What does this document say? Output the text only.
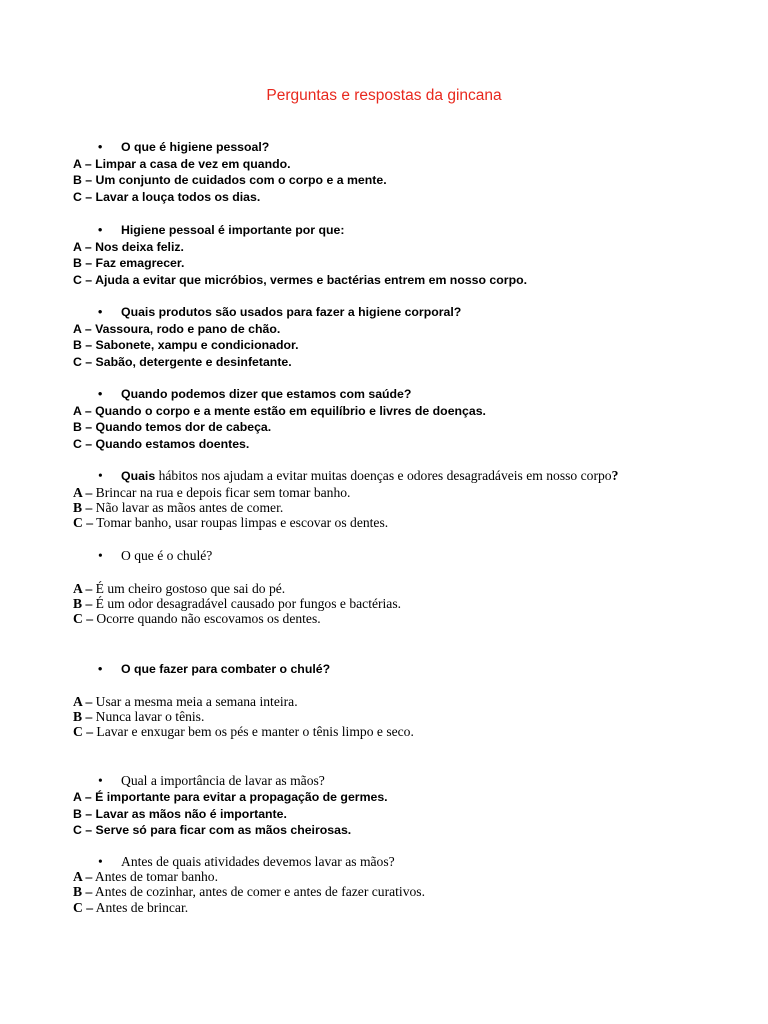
Perguntas e respostas da gincana
• O que é higiene pessoal?
A – Limpar a casa de vez em quando.
B – Um conjunto de cuidados com o corpo e a mente.
C – Lavar a louça todos os dias.
• Higiene pessoal é importante por que:
A – Nos deixa feliz.
B – Faz emagrecer.
C – Ajuda a evitar que micróbios, vermes e bactérias entrem em nosso corpo.
• Quais produtos são usados para fazer a higiene corporal?
A – Vassoura, rodo e pano de chão.
B – Sabonete, xampu e condicionador.
C – Sabão, detergente e desinfetante.
• Quando podemos dizer que estamos com saúde?
A – Quando o corpo e a mente estão em equilíbrio e livres de doenças.
B – Quando temos dor de cabeça.
C – Quando estamos doentes.
• Quais hábitos nos ajudam a evitar muitas doenças e odores desagradáveis em nosso corpo?
A – Brincar na rua e depois ficar sem tomar banho.
B – Não lavar as mãos antes de comer.
C – Tomar banho, usar roupas limpas e escovar os dentes.
• O que é o chulé?
A – É um cheiro gostoso que sai do pé.
B – É um odor desagradável causado por fungos e bactérias.
C – Ocorre quando não escovamos os dentes.
• O que fazer para combater o chulé?
A – Usar a mesma meia a semana inteira.
B – Nunca lavar o tênis.
C – Lavar e enxugar bem os pés e manter o tênis limpo e seco.
• Qual a importância de lavar as mãos?
A – É importante para evitar a propagação de germes.
B – Lavar as mãos não é importante.
C – Serve só para ficar com as mãos cheirosas.
• Antes de quais atividades devemos lavar as mãos?
A – Antes de tomar banho.
B – Antes de cozinhar, antes de comer e antes de fazer curativos.
C – Antes de brincar.
